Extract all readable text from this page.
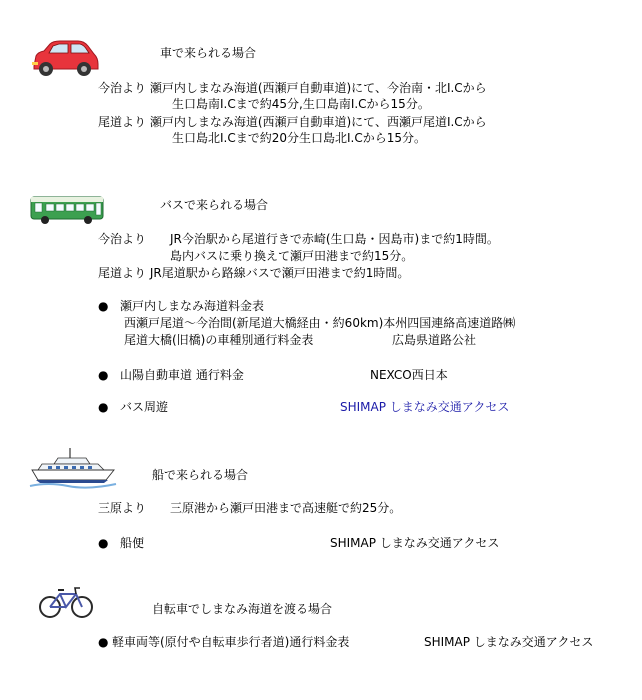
車で来られる場合
今治より 瀬戸内しまなみ海道(西瀬戸自動車道)にて、今治南・北I.Cから
生口島南I.Cまで約45分,生口島南I.Cから15分。
尾道より 瀬戸内しまなみ海道(西瀬戸自動車道)にて、西瀬戸尾道I.Cから
生口島北I.Cまで約20分生口島北I.Cから15分。
バスで来られる場合
今治より JR今治駅から尾道行きで赤崎(生口島・因島市)まで約1時間。
島内バスに乗り換えて瀬戸田港まで約15分。
尾道より JR尾道駅から路線バスで瀬戸田港まで約1時間。
● 瀬戸内しまなみ海道料金表
西瀬戸尾道～今治間(新尾道大橋経由・約60km)本州四国連絡高速道路㈱
尾道大橋(旧橋)の車種別通行料金表	広島県道路公社
● 山陽自動車道 通行料金	NEXCO西日本
● バス周遊	SHIMAP しまなみ交通アクセス
船で来られる場合
三原より 三原港から瀬戸田港まで高速艇で約25分。
● 船便	SHIMAP しまなみ交通アクセス
自転車でしまなみ海道を渡る場合
● 軽車両等(原付や自転車歩行者道)通行料金表	SHIMAP しまなみ交通アクセス
